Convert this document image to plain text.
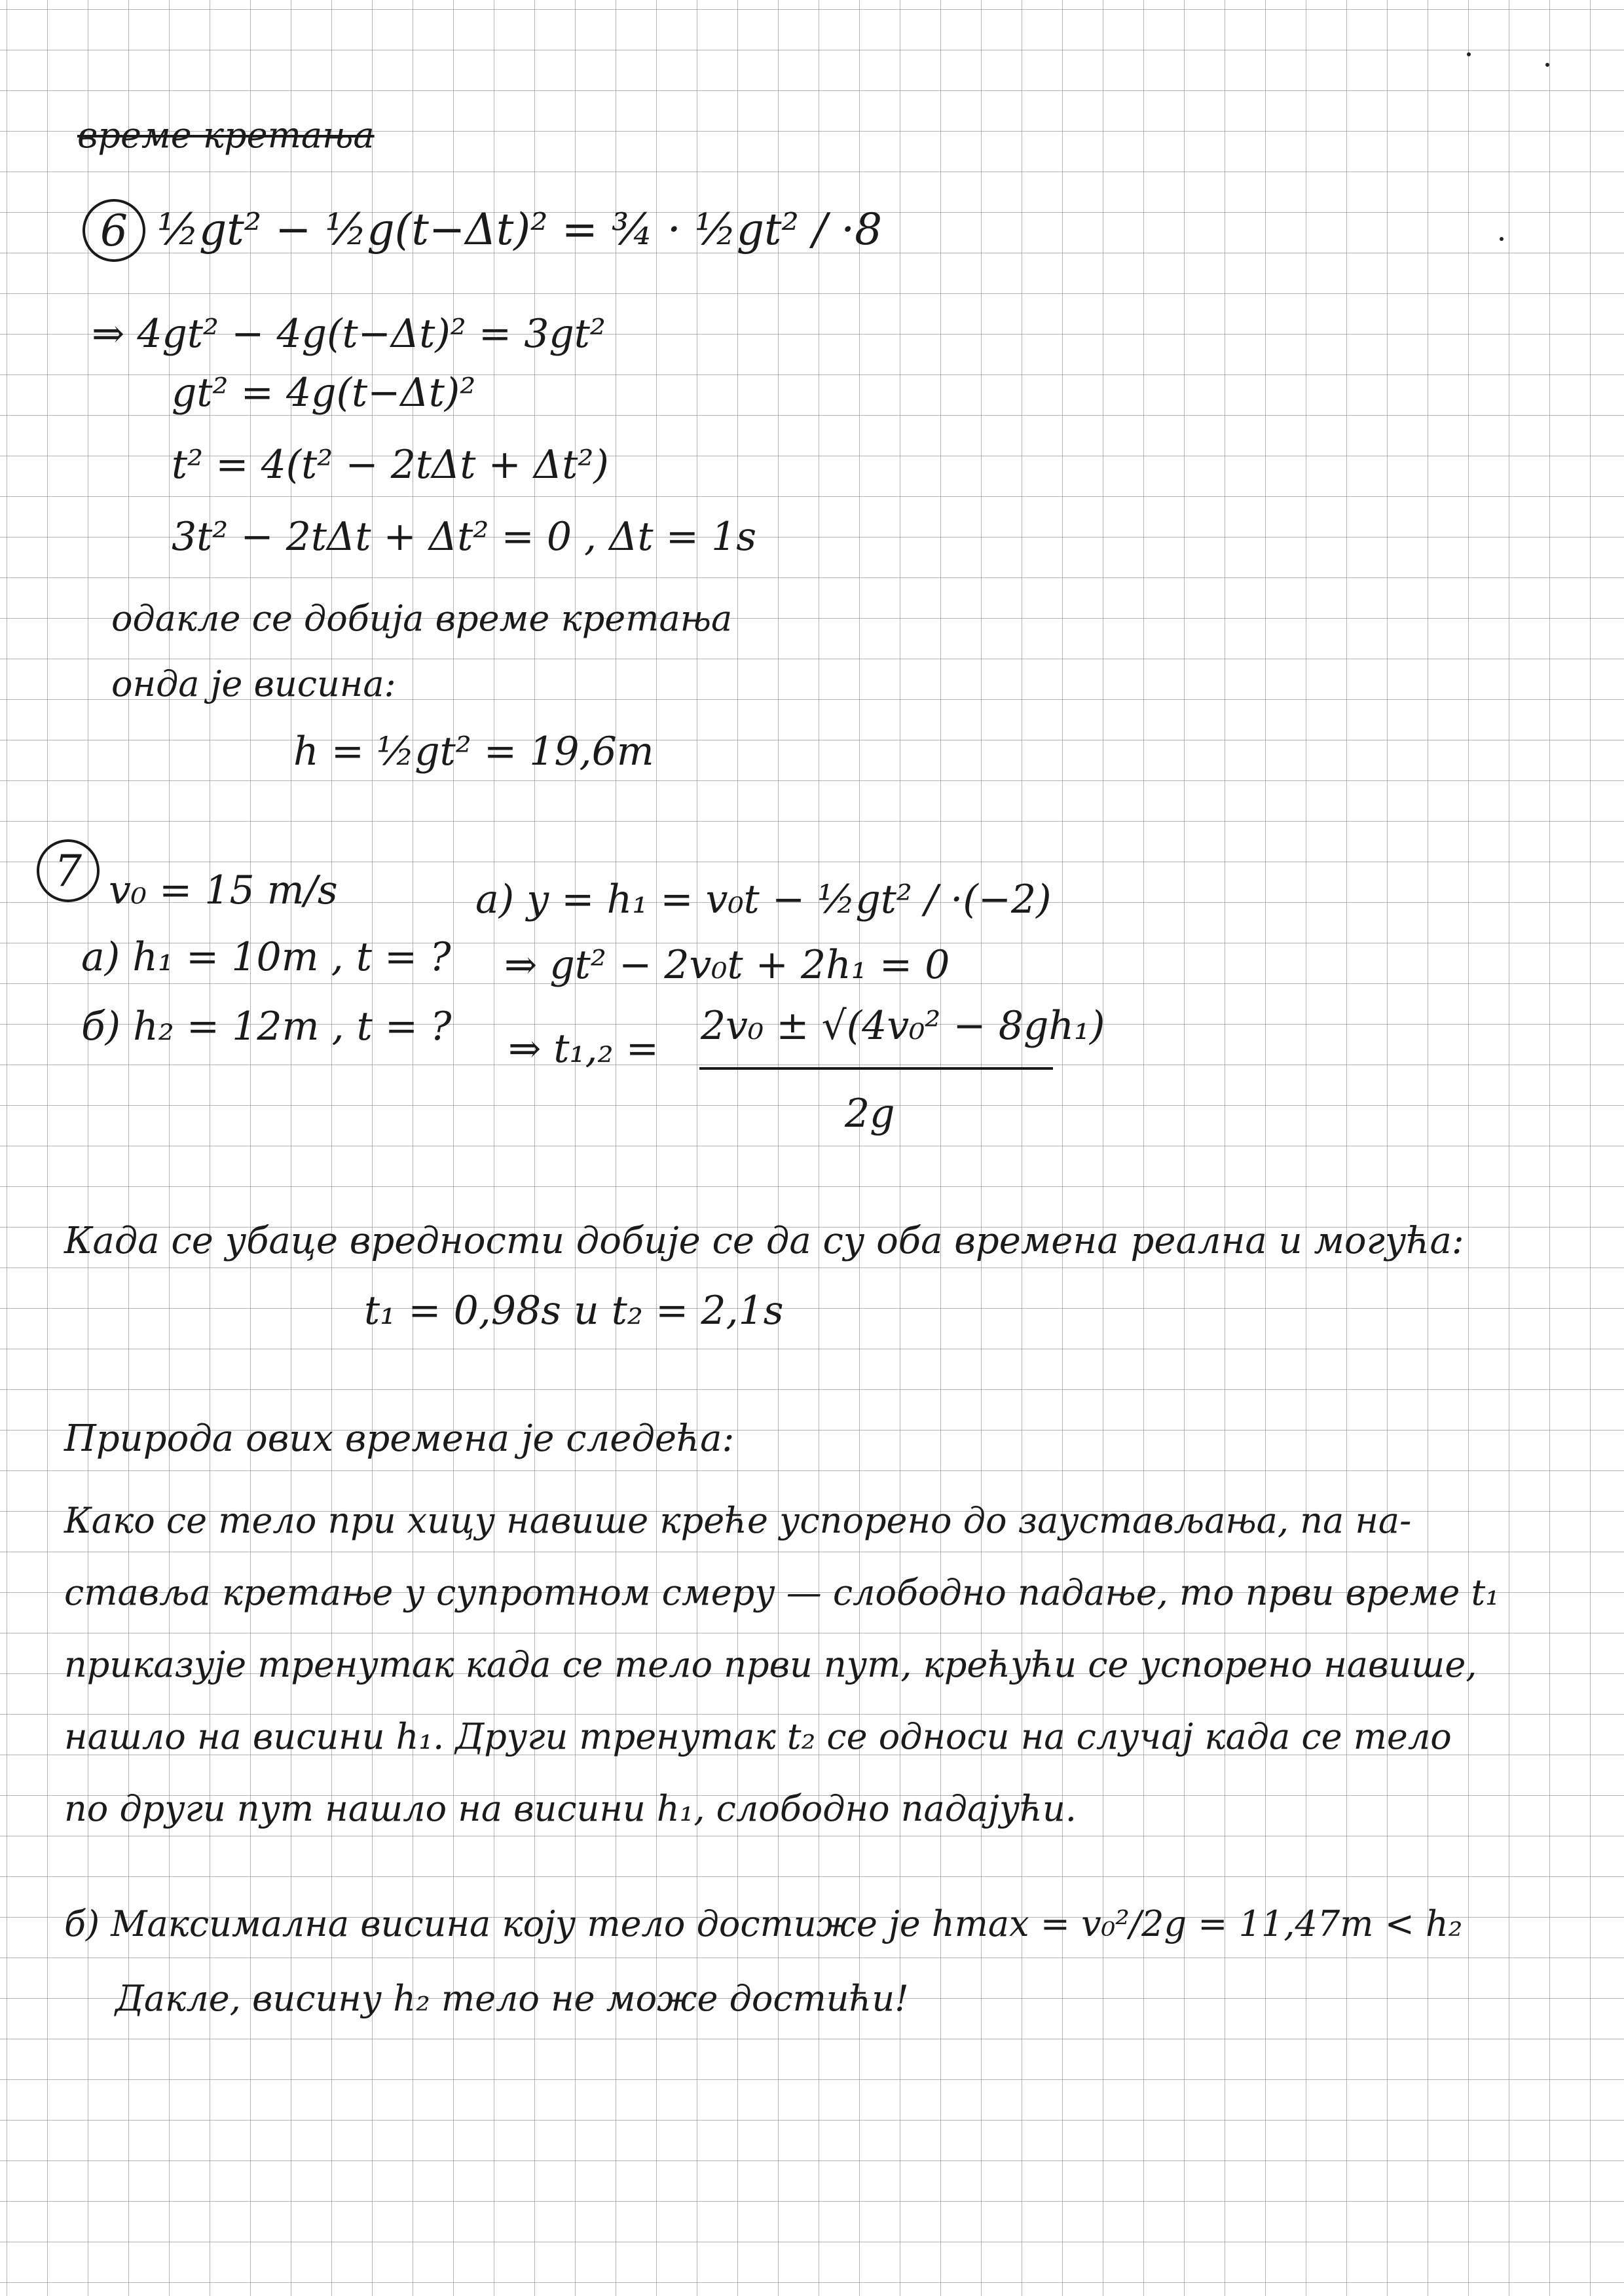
време кретања
6 ½gt² − ½g(t−Δt)² = ¾ · ½gt² / ·8
⇒ 4gt² − 4g(t−Δt)² = 3gt²
gt² = 4g(t−Δt)²
t² = 4(t² − 2tΔt + Δt²)
3t² − 2tΔt + Δt² = 0 , Δt = 1s
одакле се добија време кретања
онда је висина:
h = ½gt² = 19,6m
7 v₀ = 15 m/s
а) h₁ = 10m , t = ?
б) h₂ = 12m , t = ?
а) y = h₁ = v₀t − ½gt² / ·(−2)
⇒ gt² − 2v₀t + 2h₁ = 0
⇒ t₁,₂ = 2v₀ ± √(4v₀² − 8gh₁)
2g
Када се убаце вредности добије се да су оба времена реална и могућа:
t₁ = 0,98s и t₂ = 2,1s
Природа ових времена је следећа:
Како се тело при хицу навише креће успорено до заустављања, па на-
ставља кретање у супротном смеру — слободно падање, то први време t₁
приказује тренутак када се тело први пут, крећући се успорено навише,
нашло на висини h₁. Други тренутак t₂ се односи на случај када се тело
по други пут нашло на висини h₁, слободно падајући.
б) Максимална висина коју тело достиже је hmax = v₀²/2g = 11,47m < h₂
Дакле, висину h₂ тело не може достићи!
